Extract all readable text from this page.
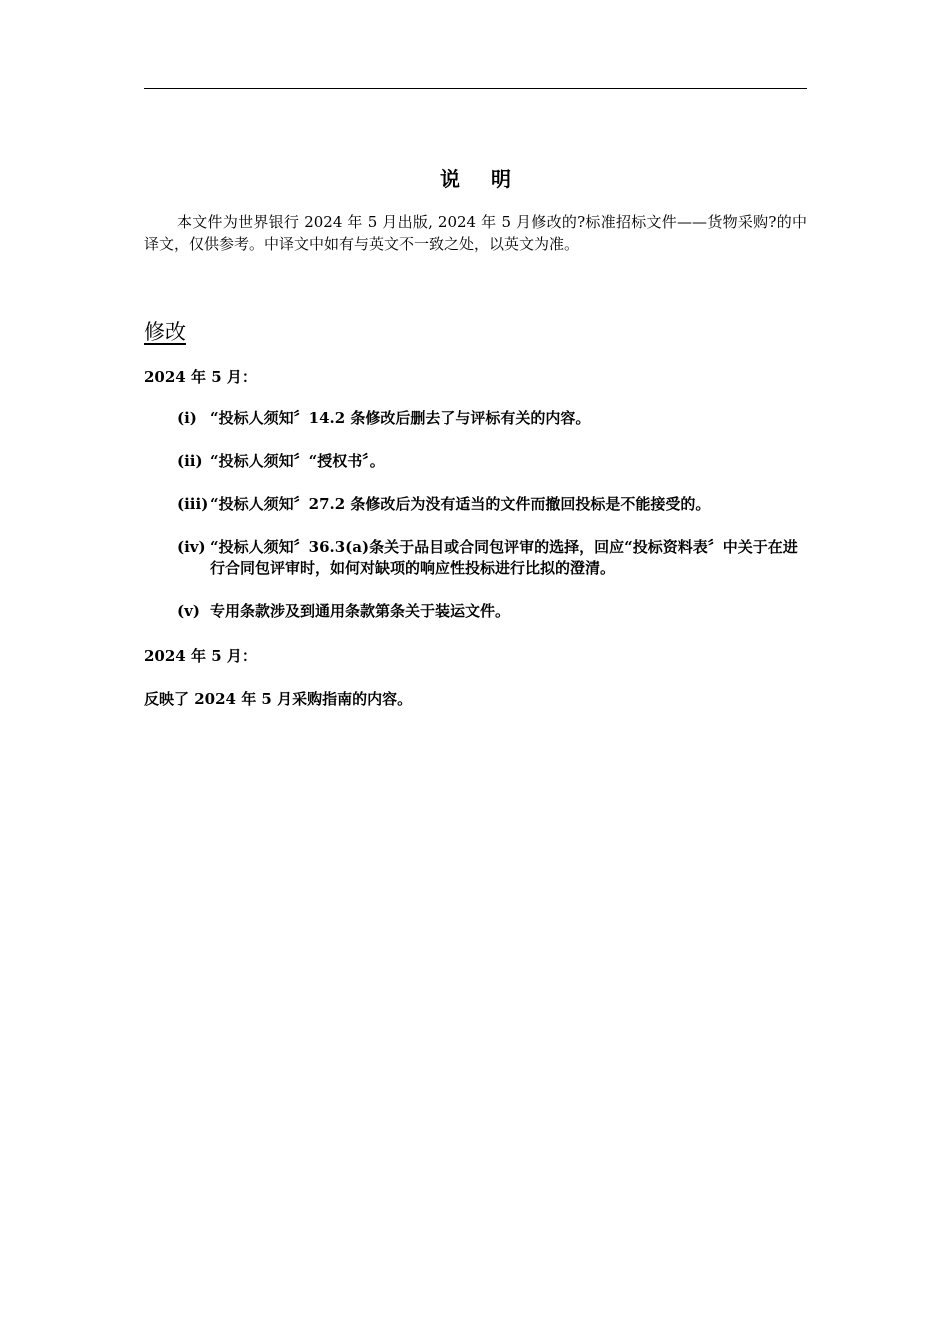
说 明
本文件为世界银行 2024 年 5 月出版, 2024 年 5 月修改的?标准招标文件——货物采购?的中译文，仅供参考。中译文中如有与英文不一致之处，以英文为准。
修改
2024 年 5 月：
(i) “投标人须知〞14.2 条修改后删去了与评标有关的内容。
(ii) “投标人须知〞“授权书〞。
(iii) “投标人须知〞27.2 条修改后为没有适当的文件而撤回投标是不能接受的。
(iv) “投标人须知〞36.3(a)条关于品目或合同包评审的选择，回应“投标资料表〞中关于在进行合同包评审时，如何对缺项的响应性投标进行比拟的澄清。
(v) 专用条款涉及到通用条款第条关于装运文件。
2024 年 5 月：
反映了 2024 年 5 月采购指南的内容。
